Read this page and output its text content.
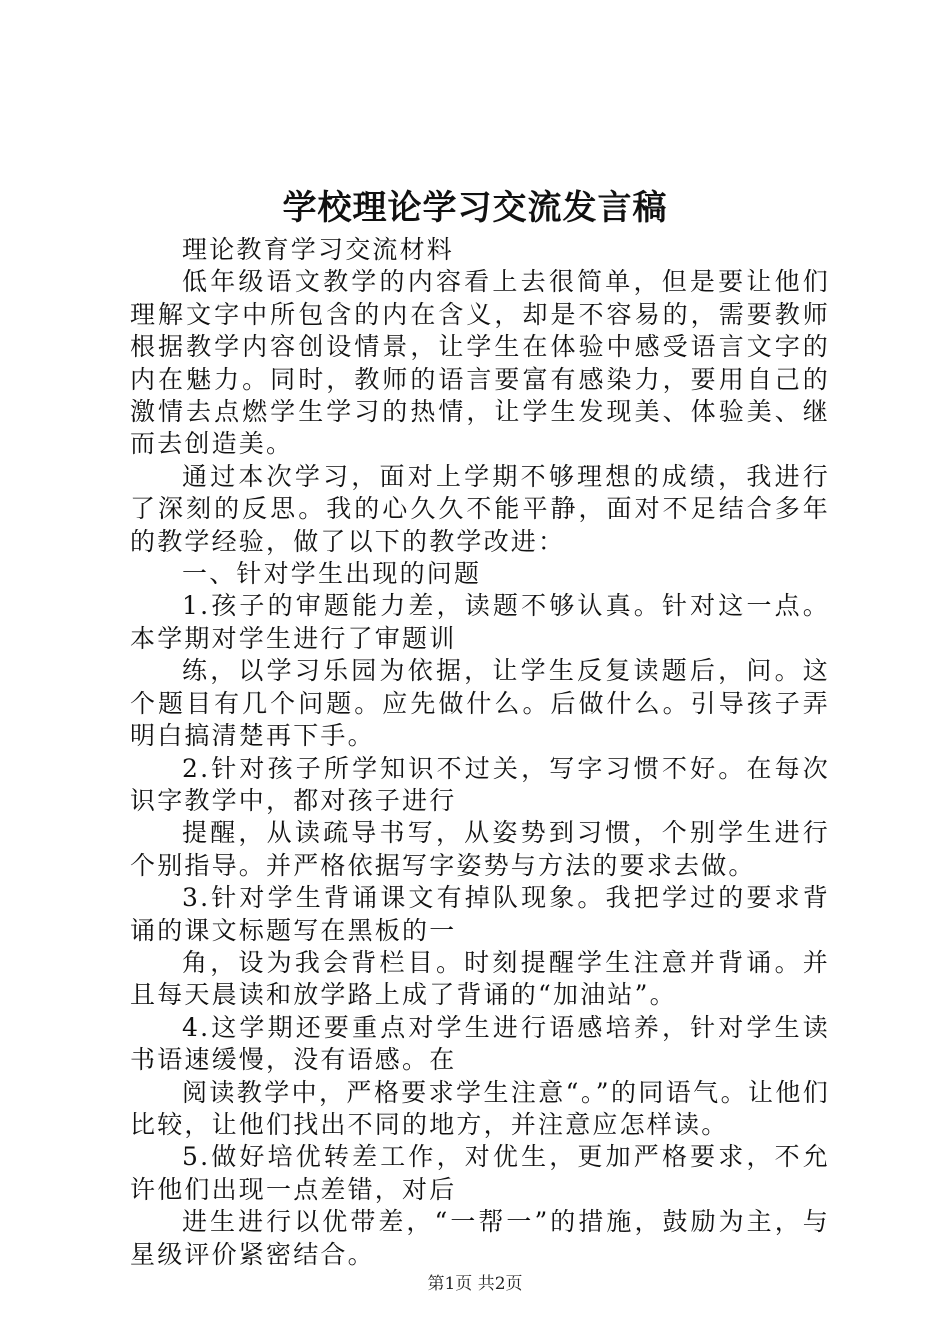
学校理论学习交流发言稿

理论教育学习交流材料

低年级语文教学的内容看上去很简单，但是要让他们理解文字中所包含的内在含义，却是不容易的，需要教师根据教学内容创设情景，让学生在体验中感受语言文字的内在魅力。同时，教师的语言要富有感染力，要用自己的激情去点燃学生学习的热情，让学生发现美、体验美、继而去创造美。

通过本次学习，面对上学期不够理想的成绩，我进行了深刻的反思。我的心久久不能平静，面对不足结合多年的教学经验，做了以下的教学改进：

一、针对学生出现的问题

1.孩子的审题能力差，读题不够认真。针对这一点。本学期对学生进行了审题训

练，以学习乐园为依据，让学生反复读题后，问。这个题目有几个问题。应先做什么。后做什么。引导孩子弄明白搞清楚再下手。

2.针对孩子所学知识不过关，写字习惯不好。在每次识字教学中，都对孩子进行

提醒，从读疏导书写，从姿势到习惯，个别学生进行个别指导。并严格依据写字姿势与方法的要求去做。

3.针对学生背诵课文有掉队现象。我把学过的要求背诵的课文标题写在黑板的一

角，设为我会背栏目。时刻提醒学生注意并背诵。并且每天晨读和放学路上成了背诵的“加油站”。

4.这学期还要重点对学生进行语感培养，针对学生读书语速缓慢，没有语感。在

阅读教学中，严格要求学生注意“。”的同语气。让他们比较，让他们找出不同的地方，并注意应怎样读。

5.做好培优转差工作，对优生，更加严格要求，不允许他们出现一点差错，对后

进生进行以优带差，“一帮一”的措施，鼓励为主，与星级评价紧密结合。

第1页 共2页
